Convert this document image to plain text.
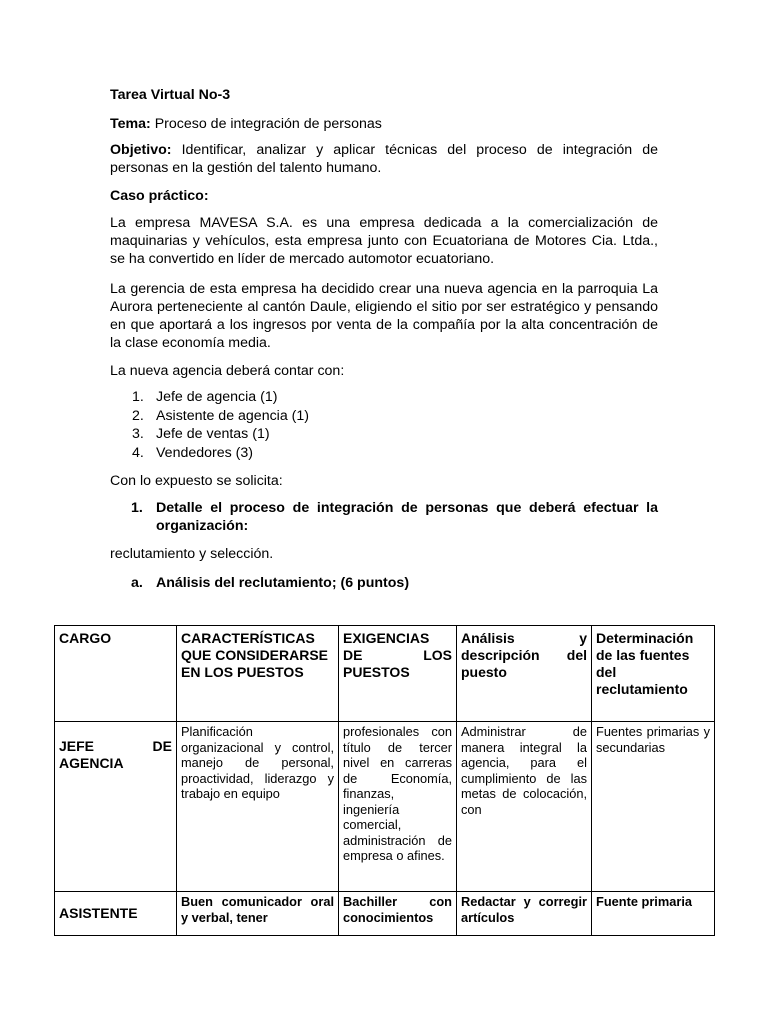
Tarea Virtual No-3
Tema: Proceso de integración de personas
Objetivo: Identificar, analizar y aplicar técnicas del proceso de integración de personas en la gestión del talento humano.
Caso práctico:
La empresa MAVESA S.A. es una empresa dedicada a la comercialización de maquinarias y vehículos, esta empresa junto con Ecuatoriana de Motores Cia. Ltda., se ha convertido en líder de mercado automotor ecuatoriano.
La gerencia de esta empresa ha decidido crear una nueva agencia en la parroquia La Aurora perteneciente al cantón Daule, eligiendo el sitio por ser estratégico y pensando en que aportará a los ingresos por venta de la compañía por la alta concentración de la clase economía media.
La nueva agencia deberá contar con:
1. Jefe de agencia (1)
2. Asistente de agencia (1)
3. Jefe de ventas (1)
4. Vendedores (3)
Con lo expuesto se solicita:
1. Detalle el proceso de integración de personas que deberá efectuar la organización:
reclutamiento y selección.
a. Análisis del reclutamiento; (6 puntos)
CARGO	CARACTERÍSTICAS QUE CONSIDERARSE EN LOS PUESTOS	EXIGENCIAS DE LOS PUESTOS	Análisis y descripción del puesto	Determinación de las fuentes del reclutamiento
JEFE DE AGENCIA	Planificación organizacional y control, manejo de personal, proactividad, liderazgo y trabajo en equipo	profesionales con título de tercer nivel en carreras de Economía, finanzas, ingeniería comercial, administración de empresa o afines.	Administrar de manera integral la agencia, para el cumplimiento de las metas de colocación, con	Fuentes primarias y secundarias
ASISTENTE	Buen comunicador oral y verbal, tener	Bachiller con conocimientos	Redactar y corregir artículos	Fuente primaria
